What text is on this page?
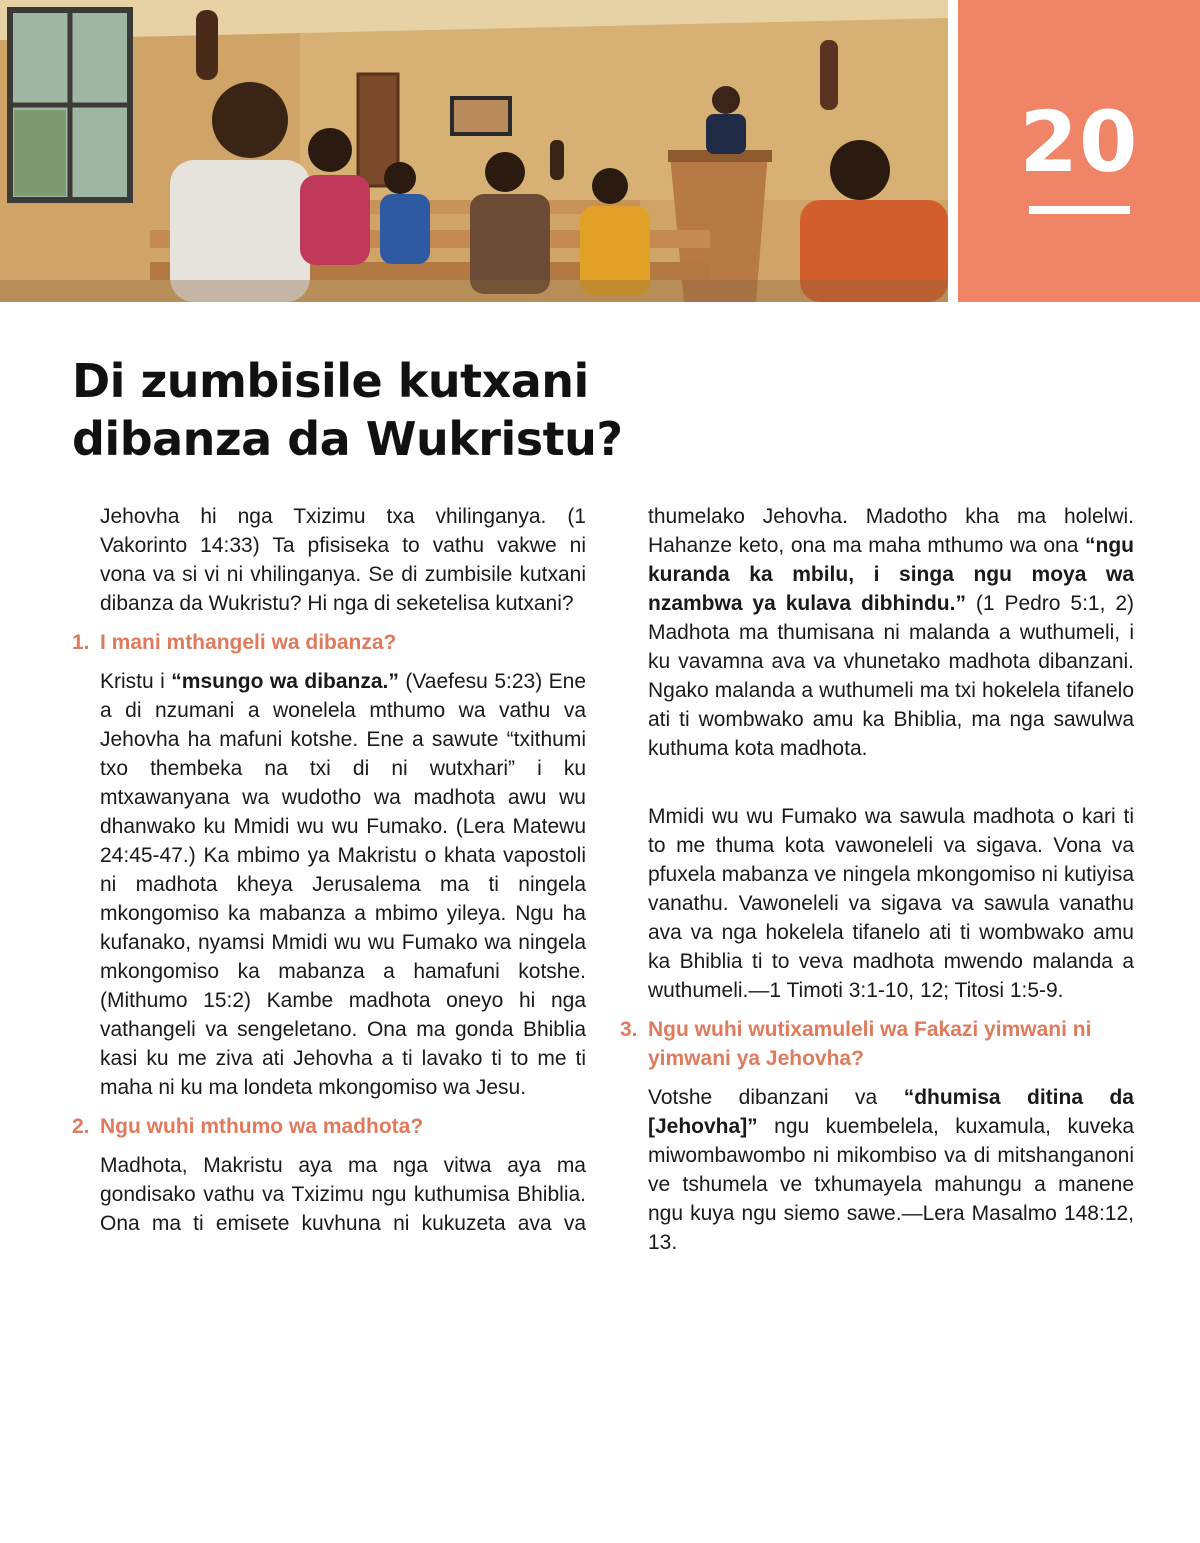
20
Di zumbisile kutxani
dibanza da Wukristu?

Jehovha hi nga Txizimu txa vhilinganya. (1 Vakorinto 14:33) Ta pfisiseka to vathu vakwe ni vona va si vi ni vhilinganya. Se di zumbisile kutxani dibanza da Wukristu? Hi nga di seketelisa kutxani?

1. I mani mthangeli wa dibanza?

Kristu i “msungo wa dibanza.” (Vaefesu 5:23) Ene a di nzumani a wonelela mthumo wa vathu va Jehovha ha mafuni kotshe. Ene a sawute “txithumi txo thembeka na txi di ni wutxhari” i ku mtxawanyana wa wudotho wa madhota awu wu dhanwako ku Mmidi wu wu Fumako. (Lera Matewu 24:45-47.) Ka mbimo ya Makristu o khata vapostoli ni madhota kheya Jerusalema ma ti ningela mkongomiso ka mabanza a mbimo yileya. Ngu ha kufanako, nyamsi Mmidi wu wu Fumako wa ningela mkongomiso ka mabanza a hamafuni kotshe. (Mithumo 15:2) Kambe madhota oneyo hi nga vathangeli va sengeletano. Ona ma gonda Bhiblia kasi ku me ziva ati Jehovha a ti lavako ti to me ti maha ni ku ma londeta mkongomiso wa Jesu.

2. Ngu wuhi mthumo wa madhota?

Madhota, Makristu aya ma nga vitwa aya ma gondisako vathu va Txizimu ngu kuthumisa Bhiblia. Ona ma ti emisete kuvhuna ni kukuzeta ava va

thumelako Jehovha. Madotho kha ma holelwi. Hahanze keto, ona ma maha mthumo wa ona “ngu kuranda ka mbilu, i singa ngu moya wa nzambwa ya kulava dibhindu.” (1 Pedro 5:1, 2) Madhota ma thumisana ni malanda a wuthumeli, i ku vavamna ava va vhunetako madhota dibanzani. Ngako malanda a wuthumeli ma txi hokelela tifanelo ati ti wombwako amu ka Bhiblia, ma nga sawulwa kuthuma kota madhota.

Mmidi wu wu Fumako wa sawula madhota o kari ti to me thuma kota vawoneleli va sigava. Vona va pfuxela mabanza ve ningela mkongomiso ni kutiyisa vanathu. Vawoneleli va sigava va sawula vanathu ava va nga hokelela tifanelo ati ti wombwako amu ka Bhiblia ti to veva madhota mwendo malanda a wuthumeli.—1 Timoti 3:1-10, 12; Titosi 1:5-9.

3. Ngu wuhi wutixamuleli wa Fakazi yimwani ni yimwani ya Jehovha?

Votshe dibanzani va “dhumisa ditina da [Jehovha]” ngu kuembelela, kuxamula, kuveka miwombawombo ni mikombiso va di mitshanganoni ve tshumela ve txhumayela mahungu a manene ngu kuya ngu siemo sawe.—Lera Masalmo 148:12, 13.
